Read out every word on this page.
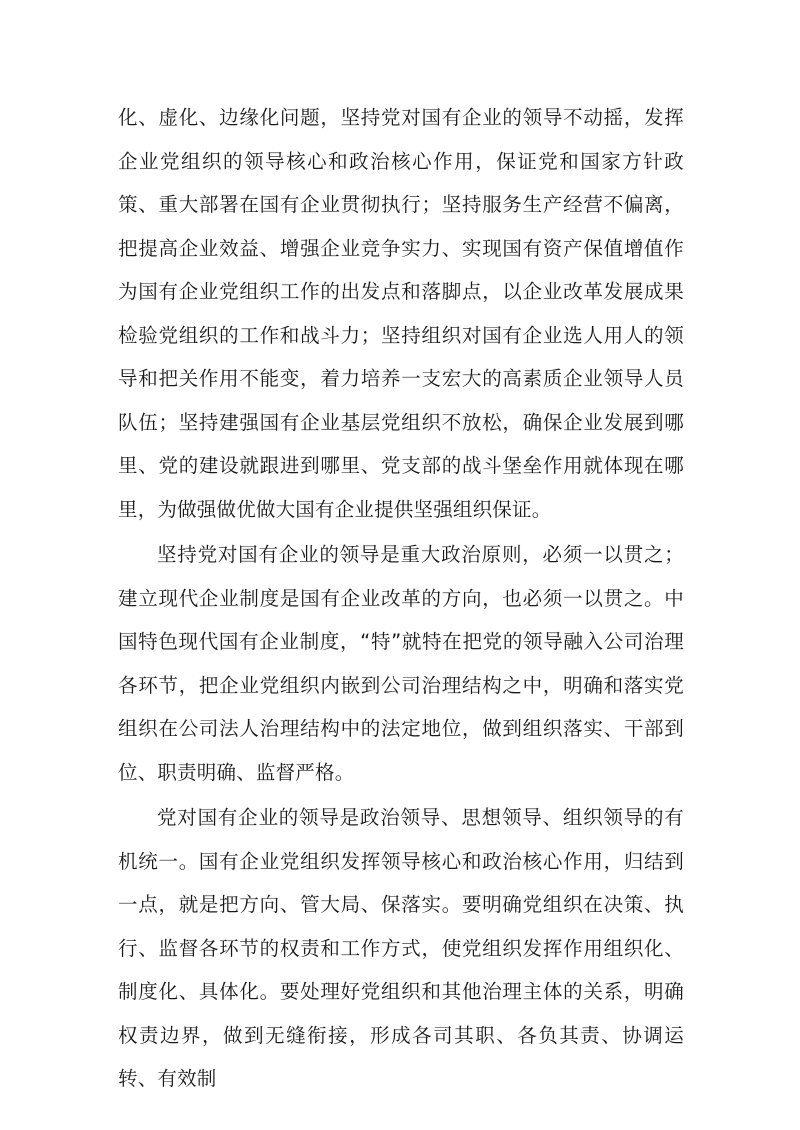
化、虚化、边缘化问题，坚持党对国有企业的领导不动摇，发挥企业党组织的领导核心和政治核心作用，保证党和国家方针政策、重大部署在国有企业贯彻执行；坚持服务生产经营不偏离，把提高企业效益、增强企业竞争实力、实现国有资产保值增值作为国有企业党组织工作的出发点和落脚点，以企业改革发展成果检验党组织的工作和战斗力；坚持组织对国有企业选人用人的领导和把关作用不能变，着力培养一支宏大的高素质企业领导人员队伍；坚持建强国有企业基层党组织不放松，确保企业发展到哪里、党的建设就跟进到哪里、党支部的战斗堡垒作用就体现在哪里，为做强做优做大国有企业提供坚强组织保证。

坚持党对国有企业的领导是重大政治原则，必须一以贯之；建立现代企业制度是国有企业改革的方向，也必须一以贯之。中国特色现代国有企业制度，“特”就特在把党的领导融入公司治理各环节，把企业党组织内嵌到公司治理结构之中，明确和落实党组织在公司法人治理结构中的法定地位，做到组织落实、干部到位、职责明确、监督严格。

党对国有企业的领导是政治领导、思想领导、组织领导的有机统一。国有企业党组织发挥领导核心和政治核心作用，归结到一点，就是把方向、管大局、保落实。要明确党组织在决策、执行、监督各环节的权责和工作方式，使党组织发挥作用组织化、制度化、具体化。要处理好党组织和其他治理主体的关系，明确权责边界，做到无缝衔接，形成各司其职、各负其责、协调运转、有效制
